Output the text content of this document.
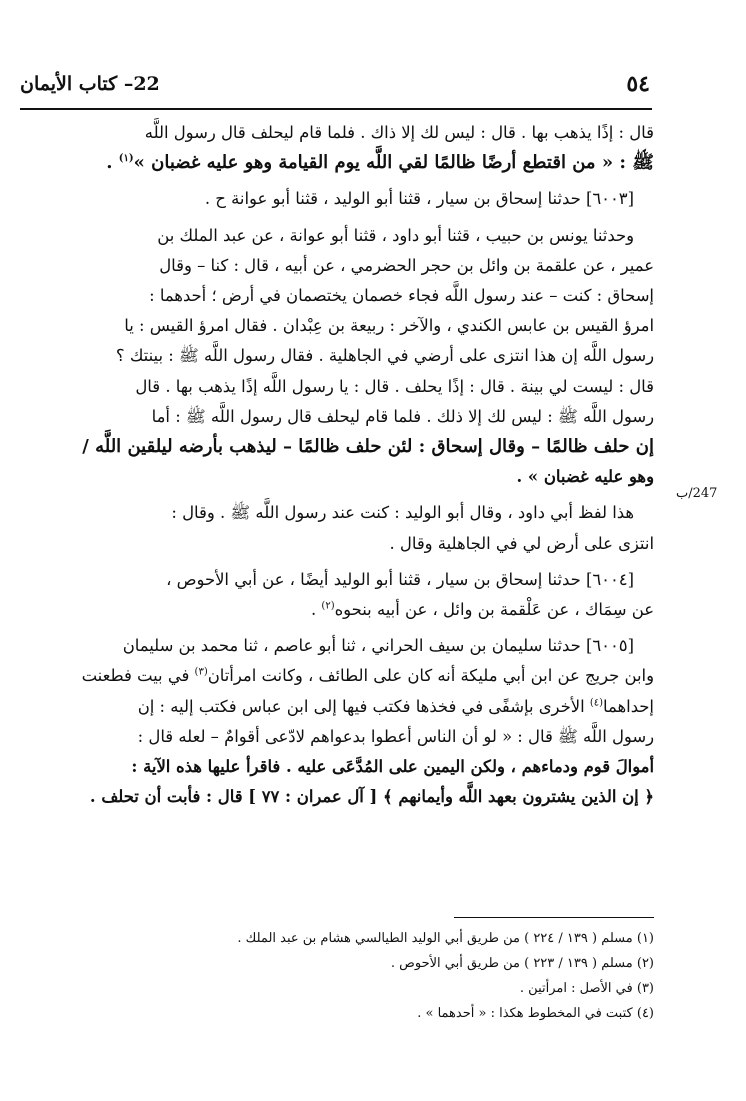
٥٤
22– كتاب الأيمان
247/ب

قال : إذًا يذهب بها . قال : ليس لك إلا ذاك . فلما قام ليحلف قال رسول اللَّه

ﷺ : « من اقتطع أرضًا ظالمًا لقي اللَّه يوم القيامة وهو عليه غضبان »$^{(١)}$ .

[٦٠٠٣] حدثنا إسحاق بن سيار ، قثنا أبو الوليد ، قثنا أبو عوانة ح .

وحدثنا يونس بن حبيب ، قثنا أبو داود ، قثنا أبو عوانة ، عن عبد الملك بن

عمير ، عن علقمة بن وائل بن حجر الحضرمي ، عن أبيه ، قال : كنا – وقال

إسحاق : كنت – عند رسول اللَّه فجاء خصمان يختصمان في أرض ؛ أحدهما :

امرؤ القيس بن عابس الكندي ، والآخر : ربيعة بن عِبْدان . فقال امرؤ القيس : يا

رسول اللَّه إن هذا انتزى على أرضي في الجاهلية . فقال رسول اللَّه ﷺ : بينتك ؟

قال : ليست لي بينة . قال : إذًا يحلف . قال : يا رسول اللَّه إذًا يذهب بها . قال

رسول اللَّه ﷺ : ليس لك إلا ذلك . فلما قام ليحلف قال رسول اللَّه ﷺ : أما

إن حلف ظالمًا – وقال إسحاق : لئن حلف ظالمًا – ليذهب بأرضه ليلقين اللَّه /

وهو عليه غضبان » .

هذا لفظ أبي داود ، وقال أبو الوليد : كنت عند رسول اللَّه ﷺ . وقال :

انتزى على أرض لي في الجاهلية وقال .

[٦٠٠٤] حدثنا إسحاق بن سيار ، قثنا أبو الوليد أيضًا ، عن أبي الأحوص ،

عن سِمَاك ، عن عَلْقمة بن وائل ، عن أبيه بنحوه$^{(٢)}$ .

[٦٠٠٥] حدثنا سليمان بن سيف الحراني ، ثنا أبو عاصم ، ثنا محمد بن سليمان

وابن جريج عن ابن أبي مليكة أنه كان على الطائف ، وكانت امرأتان$^{(٣)}$ في بيت فطعنت

إحداهما$^{(٤)}$ الأخرى بإشفًى في فخذها فكتب فيها إلى ابن عباس فكتب إليه : إن

رسول اللَّه ﷺ قال : « لو أن الناس أعطوا بدعواهم لادّعى أقوامٌ – لعله قال :

أموالَ قوم ودماءهم ، ولكن اليمين على المُدَّعَى عليه . فاقرأ عليها هذه الآية :

﴿ إن الذين يشترون بعهد اللَّه وأيمانهم ﴾ [ آل عمران : ٧٧ ] قال : فأبت أن تحلف .

(١) مسلم ( ١٣٩ / ٢٢٤ ) من طريق أبي الوليد الطيالسي هشام بن عبد الملك .
(٢) مسلم ( ١٣٩ / ٢٢٣ ) من طريق أبي الأحوص .
(٣) في الأصل : امرأتين .
(٤) كتبت في المخطوط هكذا : « أحدهما » .
